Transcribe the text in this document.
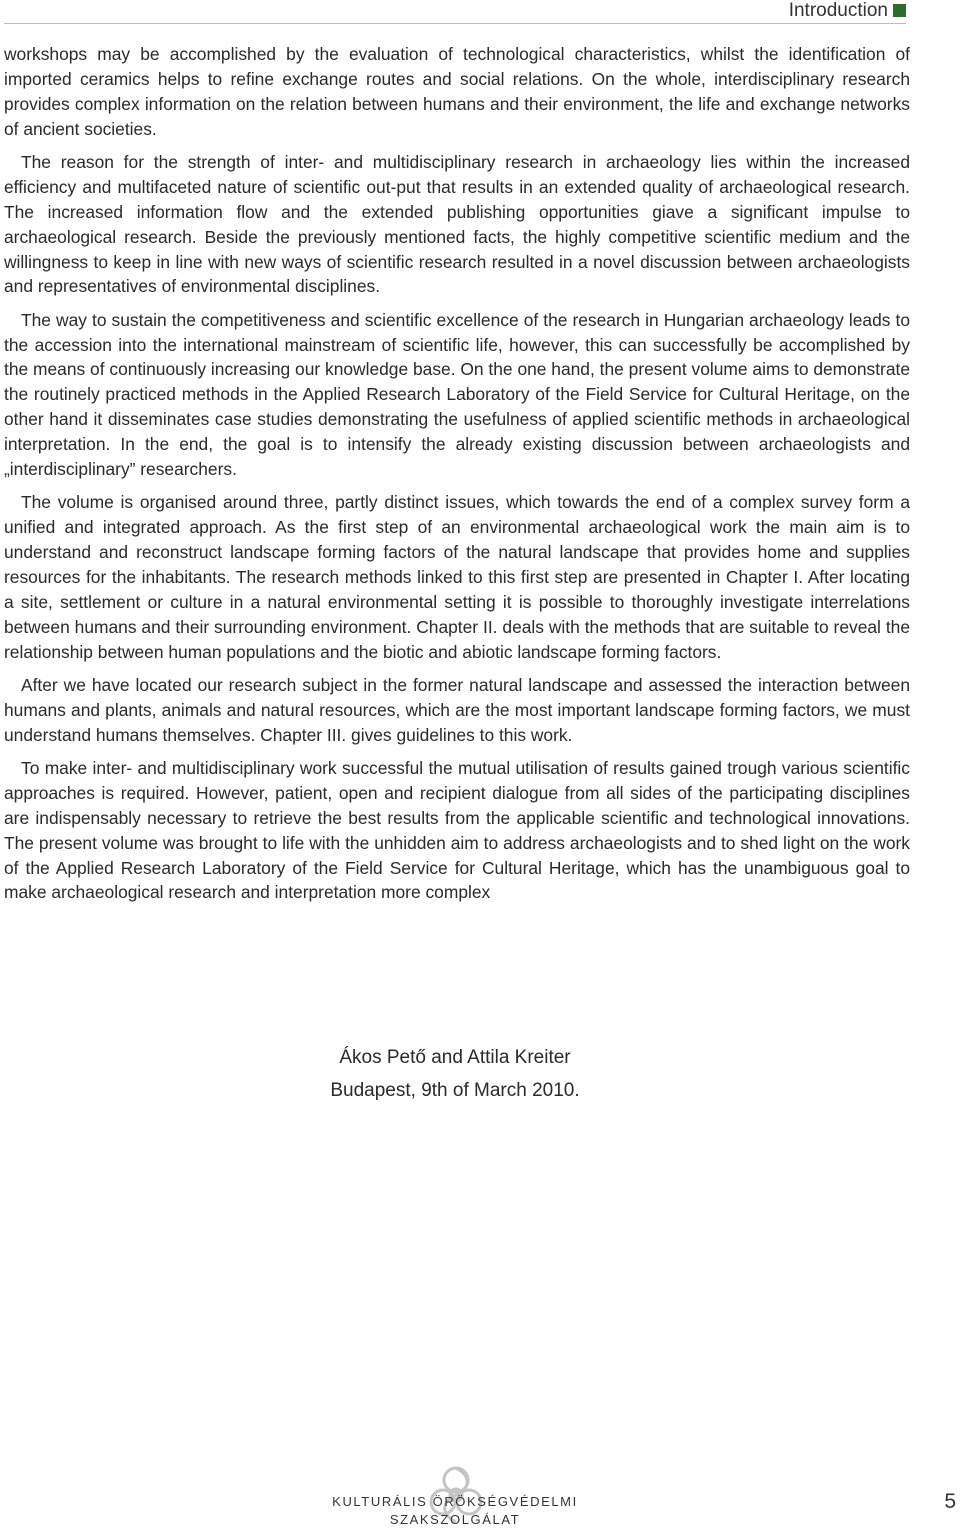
Introduction

workshops may be accomplished by the evaluation of technological characteristics, whilst the identification of imported ceramics helps to refine exchange routes and social relations. On the whole, interdisciplinary research provides complex information on the relation between humans and their environment, the life and exchange networks of ancient societies.

The reason for the strength of inter- and multidisciplinary research in archaeology lies within the increased efficiency and multifaceted nature of scientific out-put that results in an extended quality of archaeological research. The increased information flow and the extended publishing opportunities giave a significant impulse to archaeological research. Beside the previously mentioned facts, the highly competitive scientific medium and the willingness to keep in line with new ways of scientific research resulted in a novel discussion between archaeologists and representatives of environmental disciplines.

The way to sustain the competitiveness and scientific excellence of the research in Hungarian archaeology leads to the accession into the international mainstream of scientific life, however, this can successfully be accomplished by the means of continuously increasing our knowledge base. On the one hand, the present volume aims to demonstrate the routinely practiced methods in the Applied Research Laboratory of the Field Service for Cultural Heritage, on the other hand it disseminates case studies demonstrating the usefulness of applied scientific methods in archaeological interpretation. In the end, the goal is to intensify the already existing discussion between archaeologists and „interdisciplinary” researchers.

The volume is organised around three, partly distinct issues, which towards the end of a complex survey form a unified and integrated approach. As the first step of an environmental archaeological work the main aim is to understand and reconstruct landscape forming factors of the natural landscape that provides home and supplies resources for the inhabitants. The research methods linked to this first step are presented in Chapter I. After locating a site, settlement or culture in a natural environmental setting it is possible to thoroughly investigate interrelations between humans and their surrounding environment. Chapter II. deals with the methods that are suitable to reveal the relationship between human populations and the biotic and abiotic landscape forming factors.

After we have located our research subject in the former natural landscape and assessed the interaction between humans and plants, animals and natural resources, which are the most important landscape forming factors, we must understand humans themselves. Chapter III. gives guidelines to this work.

To make inter- and multidisciplinary work successful the mutual utilisation of results gained trough various scientific approaches is required. However, patient, open and recipient dialogue from all sides of the participating disciplines are indispensably necessary to retrieve the best results from the applicable scientific and technological innovations. The present volume was brought to life with the unhidden aim to address archaeologists and to shed light on the work of the Applied Research Laboratory of the Field Service for Cultural Heritage, which has the unambiguous goal to make archaeological research and interpretation more complex

Ákos Pető and Attila Kreiter
Budapest, 9th of March 2010.
KULTURÁLIS ÖRÖKSÉGVÉDELMI SZAKSZOLGÁLAT
5
